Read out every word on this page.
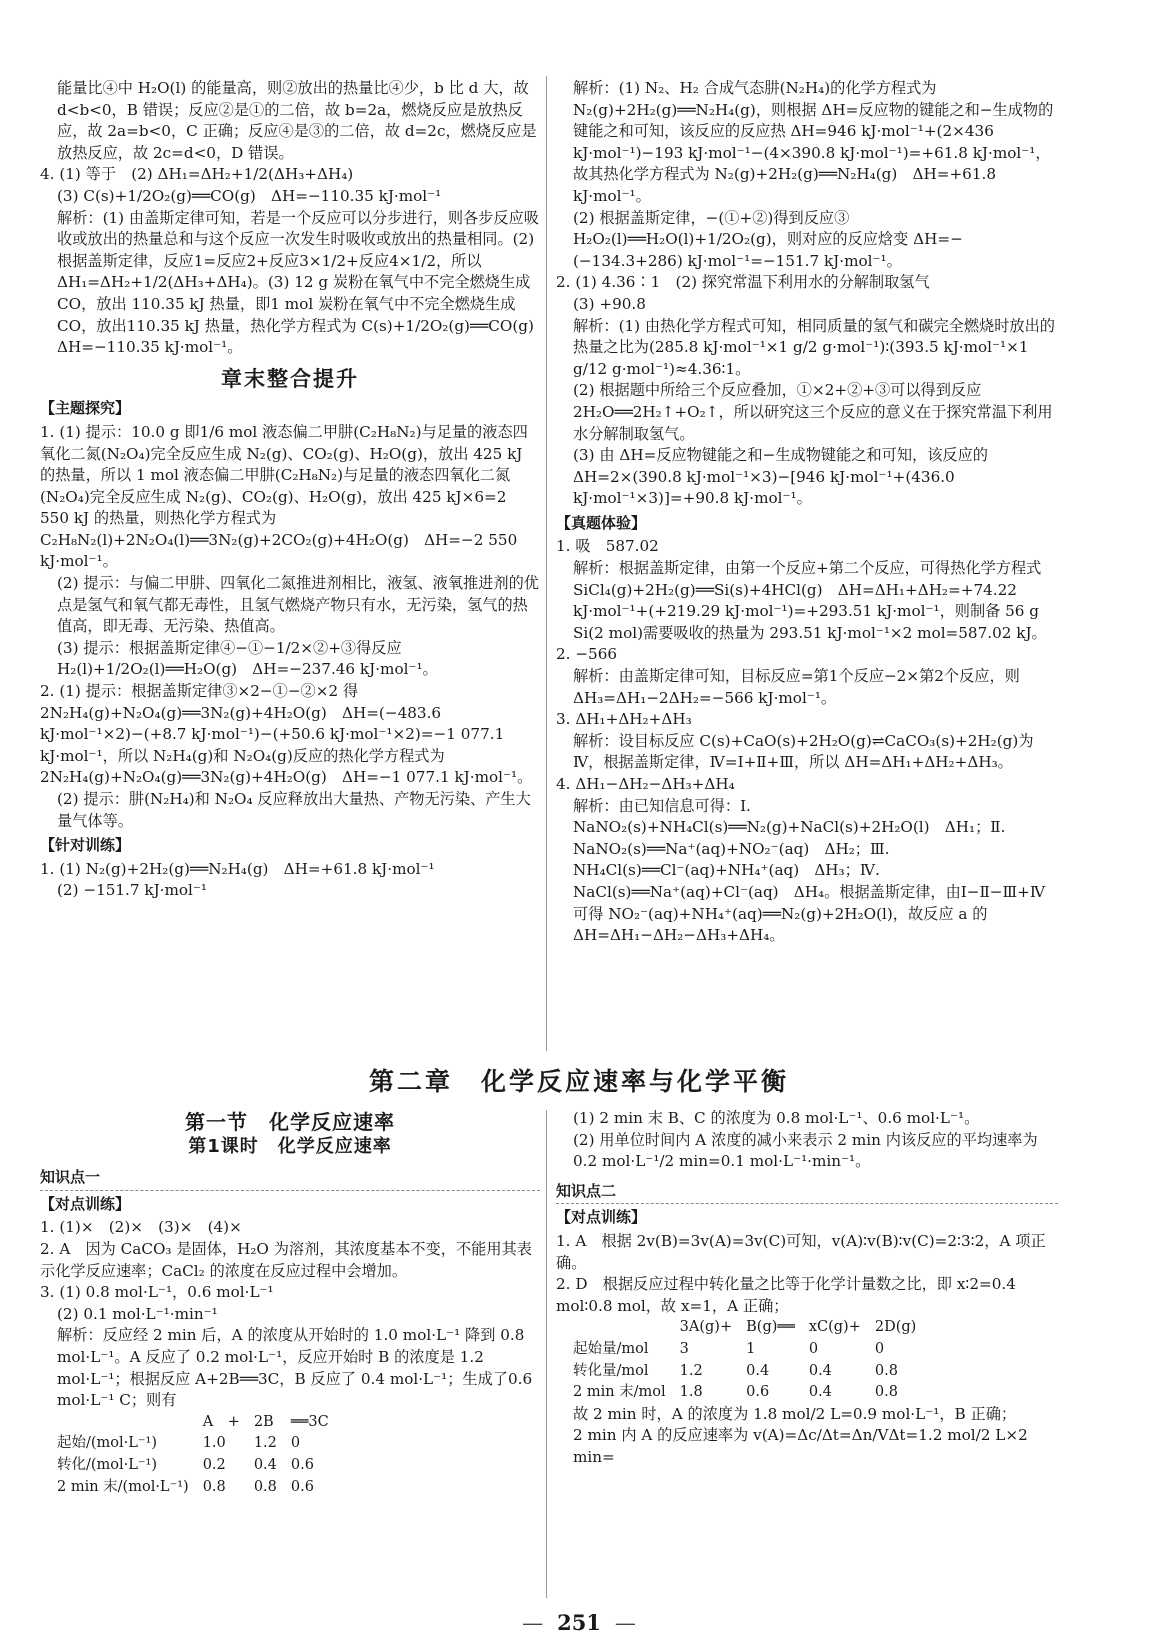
能量比④中 H₂O(l) 的能量高，则②放出的热量比④少，b 比 d 大，故 d<b<0，B 错误；反应②是①的二倍，故 b=2a，燃烧反应是放热反应，故 2a=b<0，C 正确；反应④是③的二倍，故 d=2c，燃烧反应是放热反应，故 2c=d<0，D 错误。

4. (1) 等于　(2) ΔH₁=ΔH₂+1/2(ΔH₃+ΔH₄)

(3) C(s)+1/2O₂(g)══CO(g)　ΔH=−110.35 kJ·mol⁻¹

解析：(1) 由盖斯定律可知，若是一个反应可以分步进行，则各步反应吸收或放出的热量总和与这个反应一次发生时吸收或放出的热量相同。(2) 根据盖斯定律，反应1=反应2+反应3×1/2+反应4×1/2，所以 ΔH₁=ΔH₂+1/2(ΔH₃+ΔH₄)。(3) 12 g 炭粉在氧气中不完全燃烧生成 CO，放出 110.35 kJ 热量，即1 mol 炭粉在氧气中不完全燃烧生成 CO，放出110.35 kJ 热量，热化学方程式为 C(s)+1/2O₂(g)══CO(g)　ΔH=−110.35 kJ·mol⁻¹。

章末整合提升

【主题探究】

1. (1) 提示：10.0 g 即1/6 mol 液态偏二甲肼(C₂H₈N₂)与足量的液态四氧化二氮(N₂O₄)完全反应生成 N₂(g)、CO₂(g)、H₂O(g)，放出 425 kJ 的热量，所以 1 mol 液态偏二甲肼(C₂H₈N₂)与足量的液态四氧化二氮(N₂O₄)完全反应生成 N₂(g)、CO₂(g)、H₂O(g)，放出 425 kJ×6=2 550 kJ 的热量，则热化学方程式为 C₂H₈N₂(l)+2N₂O₄(l)══3N₂(g)+2CO₂(g)+4H₂O(g)　ΔH=−2 550 kJ·mol⁻¹。

(2) 提示：与偏二甲肼、四氧化二氮推进剂相比，液氢、液氧推进剂的优点是氢气和氧气都无毒性，且氢气燃烧产物只有水，无污染，氢气的热值高，即无毒、无污染、热值高。

(3) 提示：根据盖斯定律④−①−1/2×②+③得反应 H₂(l)+1/2O₂(l)══H₂O(g)　ΔH=−237.46 kJ·mol⁻¹。

2. (1) 提示：根据盖斯定律③×2−①−②×2 得 2N₂H₄(g)+N₂O₄(g)══3N₂(g)+4H₂O(g)　ΔH=(−483.6 kJ·mol⁻¹×2)−(+8.7 kJ·mol⁻¹)−(+50.6 kJ·mol⁻¹×2)=−1 077.1 kJ·mol⁻¹，所以 N₂H₄(g)和 N₂O₄(g)反应的热化学方程式为 2N₂H₄(g)+N₂O₄(g)══3N₂(g)+4H₂O(g)　ΔH=−1 077.1 kJ·mol⁻¹。

(2) 提示：肼(N₂H₄)和 N₂O₄ 反应释放出大量热、产物无污染、产生大量气体等。

【针对训练】

1. (1) N₂(g)+2H₂(g)══N₂H₄(g)　ΔH=+61.8 kJ·mol⁻¹

(2) −151.7 kJ·mol⁻¹

解析：(1) N₂、H₂ 合成气态肼(N₂H₄)的化学方程式为 N₂(g)+2H₂(g)══N₂H₄(g)，则根据 ΔH=反应物的键能之和−生成物的键能之和可知，该反应的反应热 ΔH=946 kJ·mol⁻¹+(2×436 kJ·mol⁻¹)−193 kJ·mol⁻¹−(4×390.8 kJ·mol⁻¹)=+61.8 kJ·mol⁻¹，故其热化学方程式为 N₂(g)+2H₂(g)══N₂H₄(g)　ΔH=+61.8 kJ·mol⁻¹。

(2) 根据盖斯定律，−(①+②)得到反应③ H₂O₂(l)══H₂O(l)+1/2O₂(g)，则对应的反应焓变 ΔH=−(−134.3+286) kJ·mol⁻¹=−151.7 kJ·mol⁻¹。

2. (1) 4.36∶1　(2) 探究常温下利用水的分解制取氢气

(3) +90.8

解析：(1) 由热化学方程式可知，相同质量的氢气和碳完全燃烧时放出的热量之比为(285.8 kJ·mol⁻¹×1 g/2 g·mol⁻¹)∶(393.5 kJ·mol⁻¹×1 g/12 g·mol⁻¹)≈4.36∶1。

(2) 根据题中所给三个反应叠加，①×2+②+③可以得到反应 2H₂O══2H₂↑+O₂↑，所以研究这三个反应的意义在于探究常温下利用水分解制取氢气。

(3) 由 ΔH=反应物键能之和−生成物键能之和可知，该反应的 ΔH=2×(390.8 kJ·mol⁻¹×3)−[946 kJ·mol⁻¹+(436.0 kJ·mol⁻¹×3)]=+90.8 kJ·mol⁻¹。

【真题体验】

1. 吸　587.02

解析：根据盖斯定律，由第一个反应+第二个反应，可得热化学方程式 SiCl₄(g)+2H₂(g)══Si(s)+4HCl(g)　ΔH=ΔH₁+ΔH₂=+74.22 kJ·mol⁻¹+(+219.29 kJ·mol⁻¹)=+293.51 kJ·mol⁻¹，则制备 56 g Si(2 mol)需要吸收的热量为 293.51 kJ·mol⁻¹×2 mol=587.02 kJ。

2. −566

解析：由盖斯定律可知，目标反应=第1个反应−2×第2个反应，则 ΔH₃=ΔH₁−2ΔH₂=−566 kJ·mol⁻¹。

3. ΔH₁+ΔH₂+ΔH₃

解析：设目标反应 C(s)+CaO(s)+2H₂O(g)⇌CaCO₃(s)+2H₂(g)为Ⅳ，根据盖斯定律，Ⅳ=Ⅰ+Ⅱ+Ⅲ，所以 ΔH=ΔH₁+ΔH₂+ΔH₃。

4. ΔH₁−ΔH₂−ΔH₃+ΔH₄

解析：由已知信息可得：Ⅰ. NaNO₂(s)+NH₄Cl(s)══N₂(g)+NaCl(s)+2H₂O(l)　ΔH₁；Ⅱ. NaNO₂(s)══Na⁺(aq)+NO₂⁻(aq)　ΔH₂；Ⅲ. NH₄Cl(s)══Cl⁻(aq)+NH₄⁺(aq)　ΔH₃；Ⅳ. NaCl(s)══Na⁺(aq)+Cl⁻(aq)　ΔH₄。根据盖斯定律，由Ⅰ−Ⅱ−Ⅲ+Ⅳ可得 NO₂⁻(aq)+NH₄⁺(aq)══N₂(g)+2H₂O(l)，故反应 a 的 ΔH=ΔH₁−ΔH₂−ΔH₃+ΔH₄。

第二章　化学反应速率与化学平衡

第一节　化学反应速率

第1课时　化学反应速率

知识点一

【对点训练】

1. (1)×　(2)×　(3)×　(4)×

2. A　因为 CaCO₃ 是固体，H₂O 为溶剂，其浓度基本不变，不能用其表示化学反应速率；CaCl₂ 的浓度在反应过程中会增加。

3. (1) 0.8 mol·L⁻¹，0.6 mol·L⁻¹

(2) 0.1 mol·L⁻¹·min⁻¹

解析：反应经 2 min 后，A 的浓度从开始时的 1.0 mol·L⁻¹ 降到 0.8 mol·L⁻¹。A 反应了 0.2 mol·L⁻¹，反应开始时 B 的浓度是 1.2 mol·L⁻¹；根据反应 A+2B══3C，B 反应了 0.4 mol·L⁻¹；生成了0.6 mol·L⁻¹ C；则有

	A　+	2B	══3C
起始/(mol·L⁻¹)	1.0	1.2	0
转化/(mol·L⁻¹)	0.2	0.4	0.6
2 min 末/(mol·L⁻¹)	0.8	0.8	0.6

(1) 2 min 末 B、C 的浓度为 0.8 mol·L⁻¹、0.6 mol·L⁻¹。

(2) 用单位时间内 A 浓度的减小来表示 2 min 内该反应的平均速率为 0.2 mol·L⁻¹/2 min=0.1 mol·L⁻¹·min⁻¹。

知识点二

【对点训练】

1. A　根据 2v(B)=3v(A)=3v(C)可知，v(A)∶v(B)∶v(C)=2∶3∶2，A 项正确。

2. D　根据反应过程中转化量之比等于化学计量数之比，即 x∶2=0.4 mol∶0.8 mol，故 x=1，A 正确；

	3A(g)+	B(g)══	xC(g)+	2D(g)
起始量/mol	3	1	0	0
转化量/mol	1.2	0.4	0.4	0.8
2 min 末/mol	1.8	0.6	0.4	0.8

故 2 min 时，A 的浓度为 1.8 mol/2 L=0.9 mol·L⁻¹，B 正确；

2 min 内 A 的反应速率为 v(A)=Δc/Δt=Δn/VΔt=1.2 mol/2 L×2 min=

— 251 —
